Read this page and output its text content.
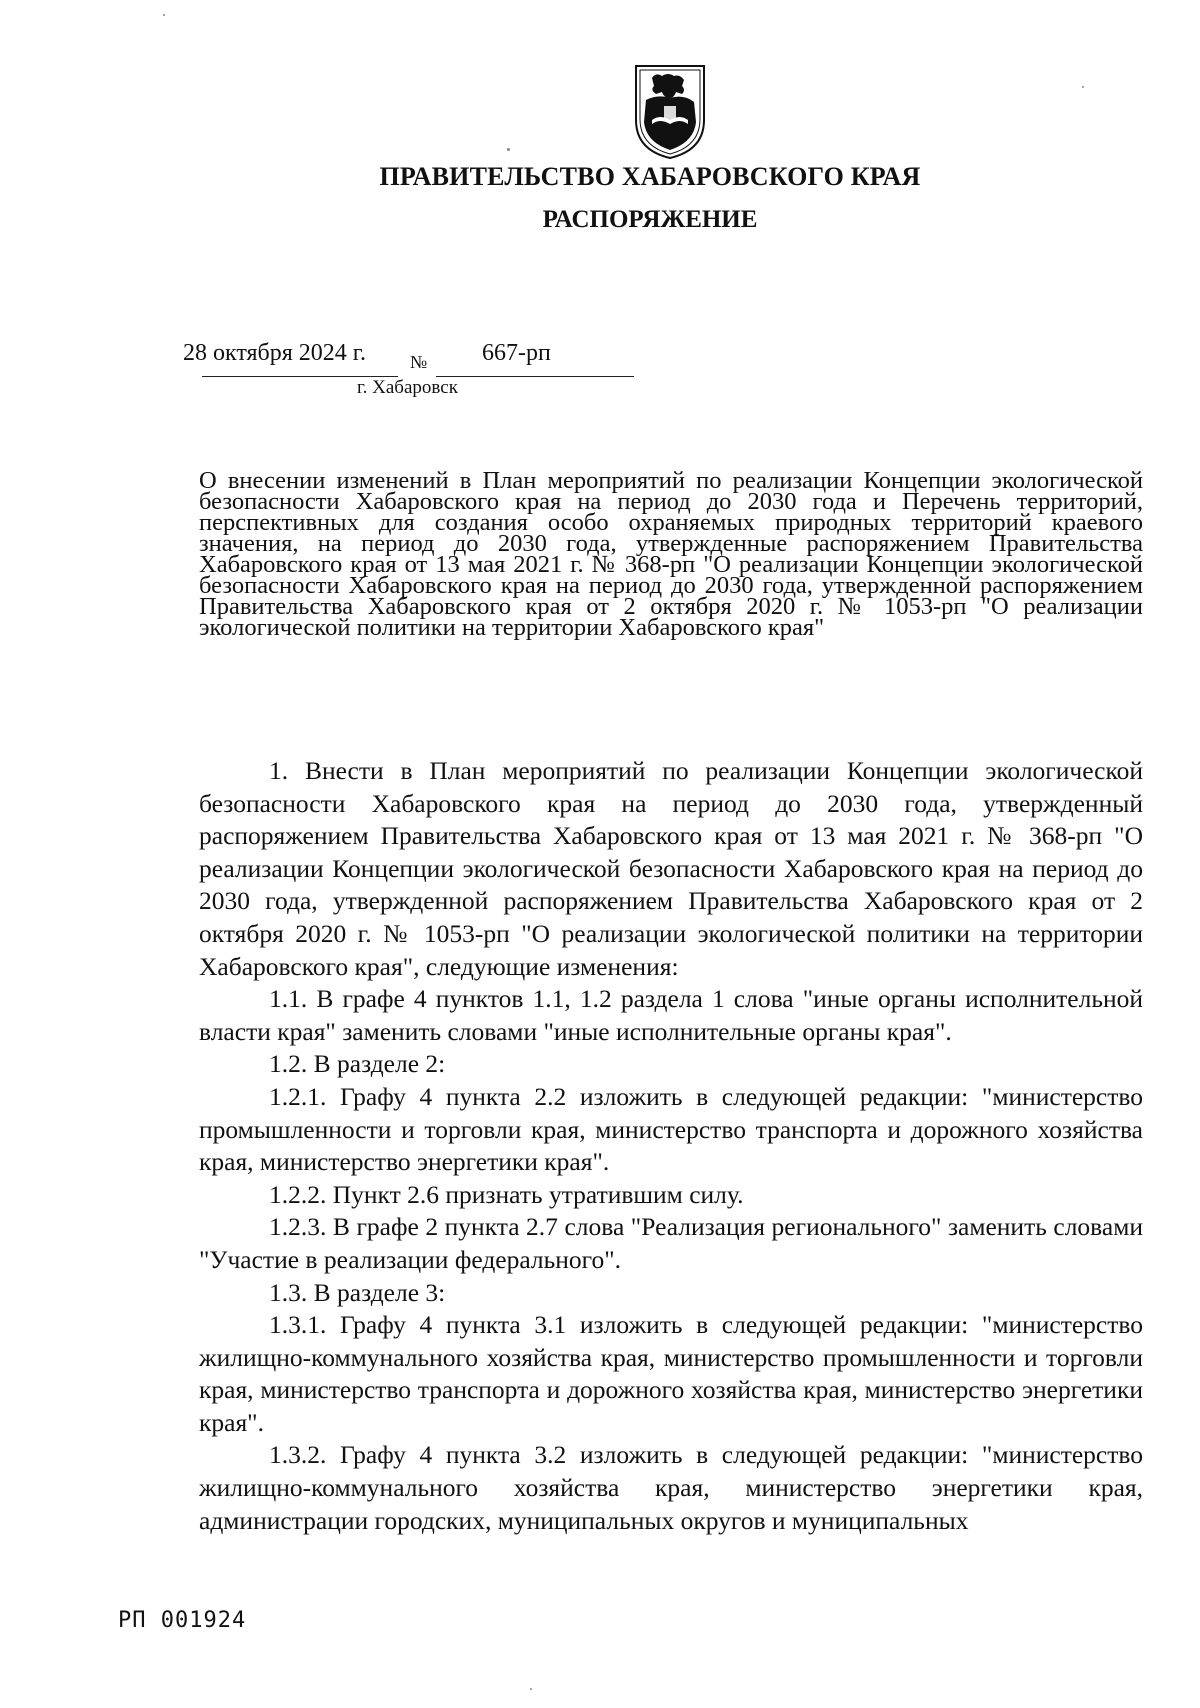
ПРАВИТЕЛЬСТВО ХАБАРОВСКОГО КРАЯ
РАСПОРЯЖЕНИЕ
28 октября 2024 г. № 667-рп
г. Хабаровск
О внесении изменений в План мероприятий по реализации Концепции экологической безопасности Хабаровского края на период до 2030 года и Перечень территорий, перспективных для создания особо охраняемых природных территорий краевого значения, на период до 2030 года, утвержденные распоряжением Правительства Хабаровского края от 13 мая 2021 г. № 368-рп "О реализации Концепции экологической безопасности Хабаровского края на период до 2030 года, утвержденной распоряжением Правительства Хабаровского края от 2 октября 2020 г. № 1053-рп "О реализации экологической политики на территории Хабаровского края"

1. Внести в План мероприятий по реализации Концепции экологической безопасности Хабаровского края на период до 2030 года, утвержденный распоряжением Правительства Хабаровского края от 13 мая 2021 г. № 368-рп "О реализации Концепции экологической безопасности Хабаровского края на период до 2030 года, утвержденной распоряжением Правительства Хабаровского края от 2 октября 2020 г. № 1053-рп "О реализации экологической политики на территории Хабаровского края", следующие изменения:

1.1. В графе 4 пунктов 1.1, 1.2 раздела 1 слова "иные органы исполнительной власти края" заменить словами "иные исполнительные органы края".

1.2. В разделе 2:

1.2.1. Графу 4 пункта 2.2 изложить в следующей редакции: "министерство промышленности и торговли края, министерство транспорта и дорожного хозяйства края, министерство энергетики края".

1.2.2. Пункт 2.6 признать утратившим силу.

1.2.3. В графе 2 пункта 2.7 слова "Реализация регионального" заменить словами "Участие в реализации федерального".

1.3. В разделе 3:

1.3.1. Графу 4 пункта 3.1 изложить в следующей редакции: "министерство жилищно-коммунального хозяйства края, министерство промышленности и торговли края, министерство транспорта и дорожного хозяйства края, министерство энергетики края".

1.3.2. Графу 4 пункта 3.2 изложить в следующей редакции: "министерство жилищно-коммунального хозяйства края, министерство энергетики края, администрации городских, муниципальных округов и муниципальных

РП 001924
